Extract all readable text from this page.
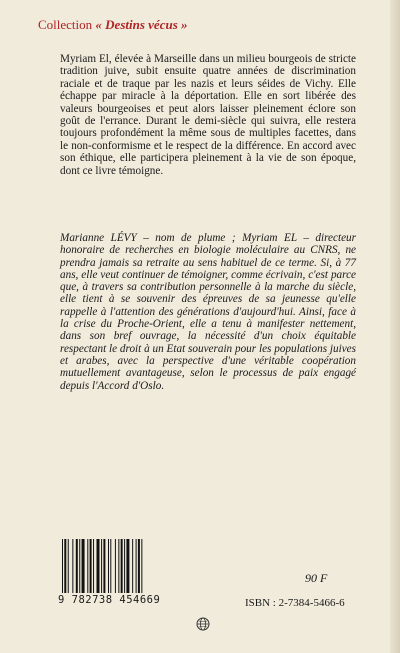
Collection « Destins vécus »

Myriam El, élevée à Marseille dans un milieu bourgeois de stricte tradition juive, subit ensuite quatre années de discrimination raciale et de traque par les nazis et leurs séides de Vichy. Elle échappe par miracle à la déportation. Elle en sort libérée des valeurs bourgeoises et peut alors laisser pleinement éclore son goût de l'errance. Durant le demi-siècle qui suivra, elle restera toujours profondément la même sous de multiples facettes, dans le non-conformisme et le respect de la différence. En accord avec son éthique, elle participera pleinement à la vie de son époque, dont ce livre témoigne.

Marianne LÉVY – nom de plume ; Myriam EL – directeur honoraire de recherches en biologie moléculaire au CNRS, ne prendra jamais sa retraite au sens habituel de ce terme. Si, à 77 ans, elle veut continuer de témoigner, comme écrivain, c'est parce que, à travers sa contribution personnelle à la marche du siècle, elle tient à se souvenir des épreuves de sa jeunesse qu'elle rappelle à l'attention des générations d'aujourd'hui. Ainsi, face à la crise du Proche-Orient, elle a tenu à manifester nettement, dans son bref ouvrage, la nécessité d'un choix équitable respectant le droit à un Etat souverain pour les populations juives et arabes, avec la perspective d'une véritable coopération mutuellement avantageuse, selon le processus de paix engagé depuis l'Accord d'Oslo.

9 782738 454669
90 F
ISBN : 2-7384-5466-6
